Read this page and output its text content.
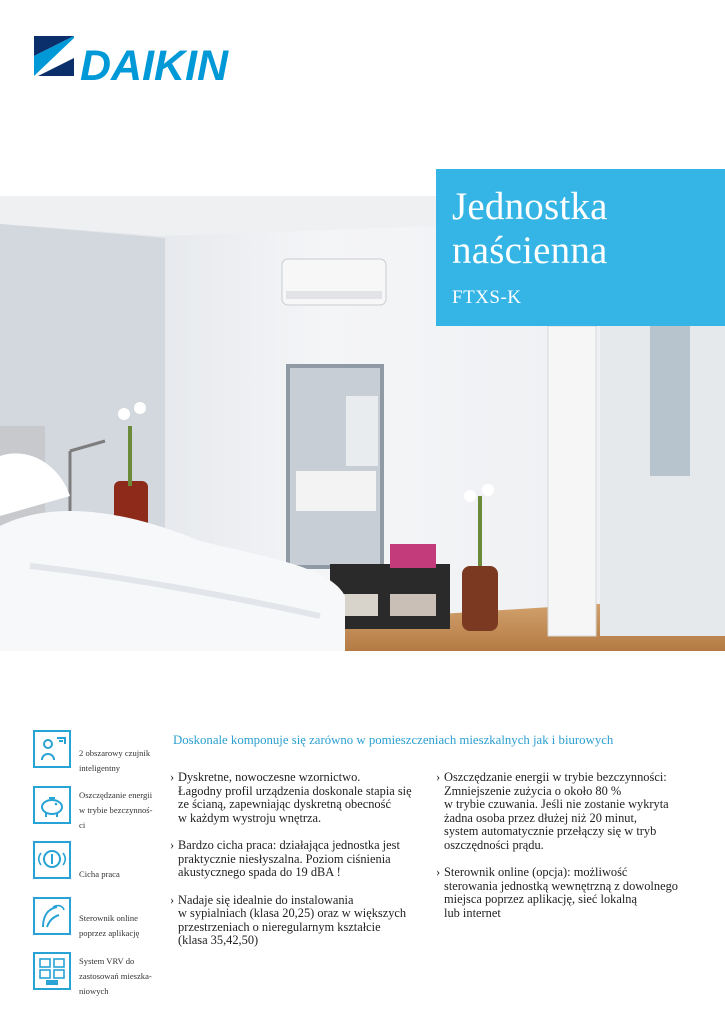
DAIKIN
Jednostka
naścienna
FTXS-K
2 obszarowy czujnik
inteligentny
Oszczędzanie energii
w trybie bezczynnoś-
ci
Cicha praca
Sterownik online
poprzez aplikację
System VRV do
zastosowań mieszka-
niowych
Doskonale komponuje się zarówno w pomieszczeniach mieszkalnych jak i biurowych
› Dyskretne, nowoczesne wzornictwo.
Łagodny profil urządzenia doskonale stapia się
ze ścianą, zapewniając dyskretną obecność
w każdym wystroju wnętrza.
› Bardzo cicha praca: działająca jednostka jest
praktycznie niesłyszalna. Poziom ciśnienia
akustycznego spada do 19 dBA !
› Nadaje się idealnie do instalowania
w sypialniach (klasa 20,25) oraz w większych
przestrzeniach o nieregularnym kształcie
(klasa 35,42,50)
› Oszczędzanie energii w trybie bezczynności:
Zmniejszenie zużycia o około 80 %
w trybie czuwania. Jeśli nie zostanie wykryta
żadna osoba przez dłużej niż 20 minut,
system automatycznie przełączy się w tryb
oszczędności prądu.
› Sterownik online (opcja): możliwość
sterowania jednostką wewnętrzną z dowolnego
miejsca poprzez aplikację, sieć lokalną
lub internet
